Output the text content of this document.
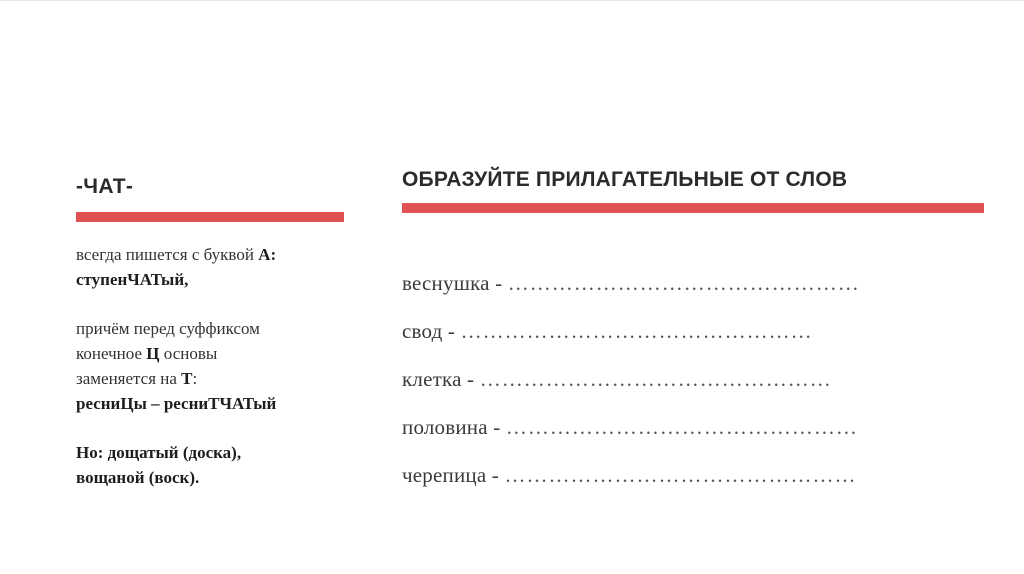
-ЧАТ-

всегда пишется с буквой А:

ступенЧАТый,

причём перед суффиксом

конечное Ц основы

заменяется на Т:

ресниЦы – ресниТЧАТый

Но: дощатый (доска),

вощаной (воск).

ОБРАЗУЙТЕ ПРИЛАГАТЕЛЬНЫЕ ОТ СЛОВ
веснушка - …………………………………………
свод - …………………………………………
клетка - …………………………………………
половина - …………………………………………
черепица - …………………………………………
